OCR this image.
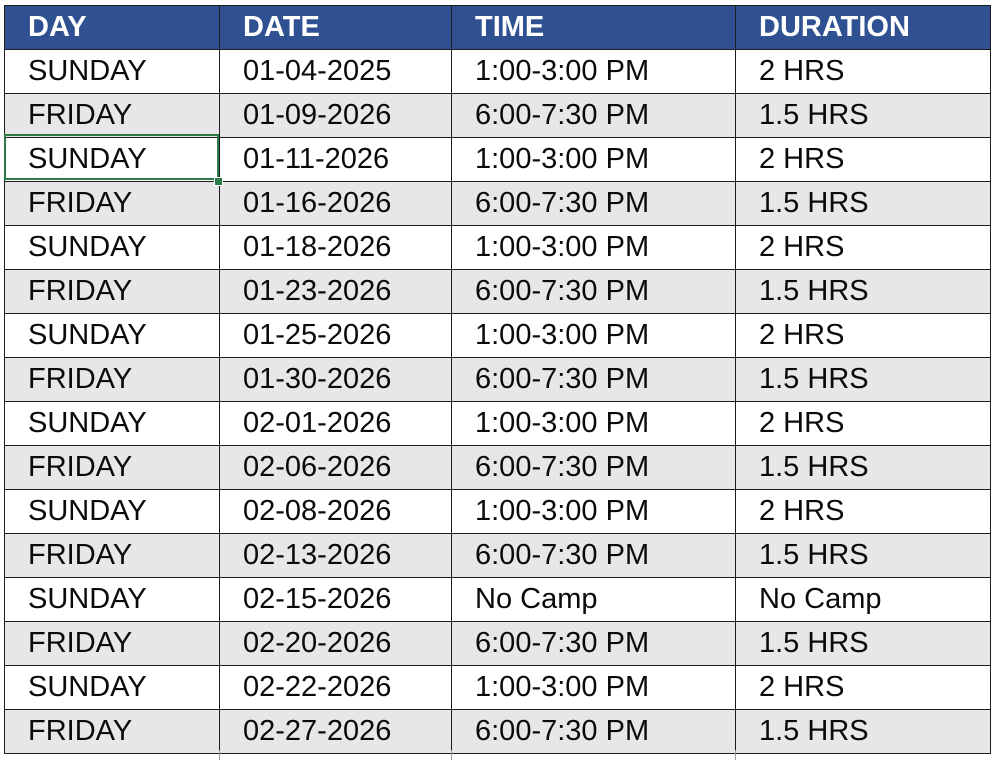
DAY	DATE	TIME	DURATION
SUNDAY	01-04-2025	1:00-3:00 PM	2 HRS
FRIDAY	01-09-2026	6:00-7:30 PM	1.5 HRS
SUNDAY	01-11-2026	1:00-3:00 PM	2 HRS
FRIDAY	01-16-2026	6:00-7:30 PM	1.5 HRS
SUNDAY	01-18-2026	1:00-3:00 PM	2 HRS
FRIDAY	01-23-2026	6:00-7:30 PM	1.5 HRS
SUNDAY	01-25-2026	1:00-3:00 PM	2 HRS
FRIDAY	01-30-2026	6:00-7:30 PM	1.5 HRS
SUNDAY	02-01-2026	1:00-3:00 PM	2 HRS
FRIDAY	02-06-2026	6:00-7:30 PM	1.5 HRS
SUNDAY	02-08-2026	1:00-3:00 PM	2 HRS
FRIDAY	02-13-2026	6:00-7:30 PM	1.5 HRS
SUNDAY	02-15-2026	No Camp	No Camp
FRIDAY	02-20-2026	6:00-7:30 PM	1.5 HRS
SUNDAY	02-22-2026	1:00-3:00 PM	2 HRS
FRIDAY	02-27-2026	6:00-7:30 PM	1.5 HRS
